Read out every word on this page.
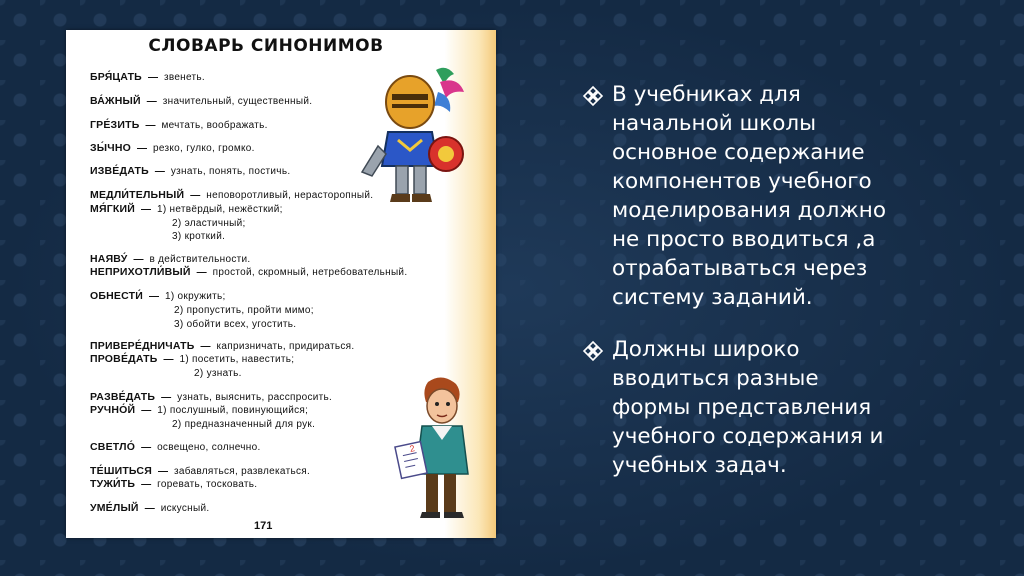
СЛОВАРЬ СИНОНИМОВ
БРЯ́ЦАТЬ — звенеть.
ВА́ЖНЫЙ — значительный, существенный.
ГРЕ́ЗИТЬ — мечтать, воображать.
ЗЫ́ЧНО — резко, гулко, громко.
ИЗВЕ́ДАТЬ — узнать, понять, постичь.
МЕДЛИ́ТЕЛЬНЫЙ — неповоротливый, нерасторопный.
МЯ́ГКИЙ — 1) нетвёрдый, нежёсткий;
2) эластичный;
3) кроткий.
НАЯВУ́ — в действительности.
НЕПРИХОТЛИ́ВЫЙ — простой, скромный, нетребовательный.
ОБНЕСТИ́ — 1) окружить;
2) пропустить, пройти мимо;
3) обойти всех, угостить.
ПРИВЕРЕ́ДНИЧАТЬ — капризничать, придираться.
ПРОВЕ́ДАТЬ — 1) посетить, навестить;
2) узнать.
РАЗВЕ́ДАТЬ — узнать, выяснить, расспросить.
РУЧНО́Й — 1) послушный, повинующийся;
2) предназначенный для рук.
СВЕТЛО́ — освещено, солнечно.
ТЕ́ШИТЬСЯ — забавляться, развлекаться.
ТУЖИ́ТЬ — горевать, тосковать.
УМЕ́ЛЫЙ — искусный.
171
2
В учебниках для
начальной школы
основное содержание
компонентов учебного
моделирования должно
не просто вводиться ,а
отрабатываться через
систему заданий.
Должны широко
вводиться разные
формы представления
учебного содержания и
учебных задач.
